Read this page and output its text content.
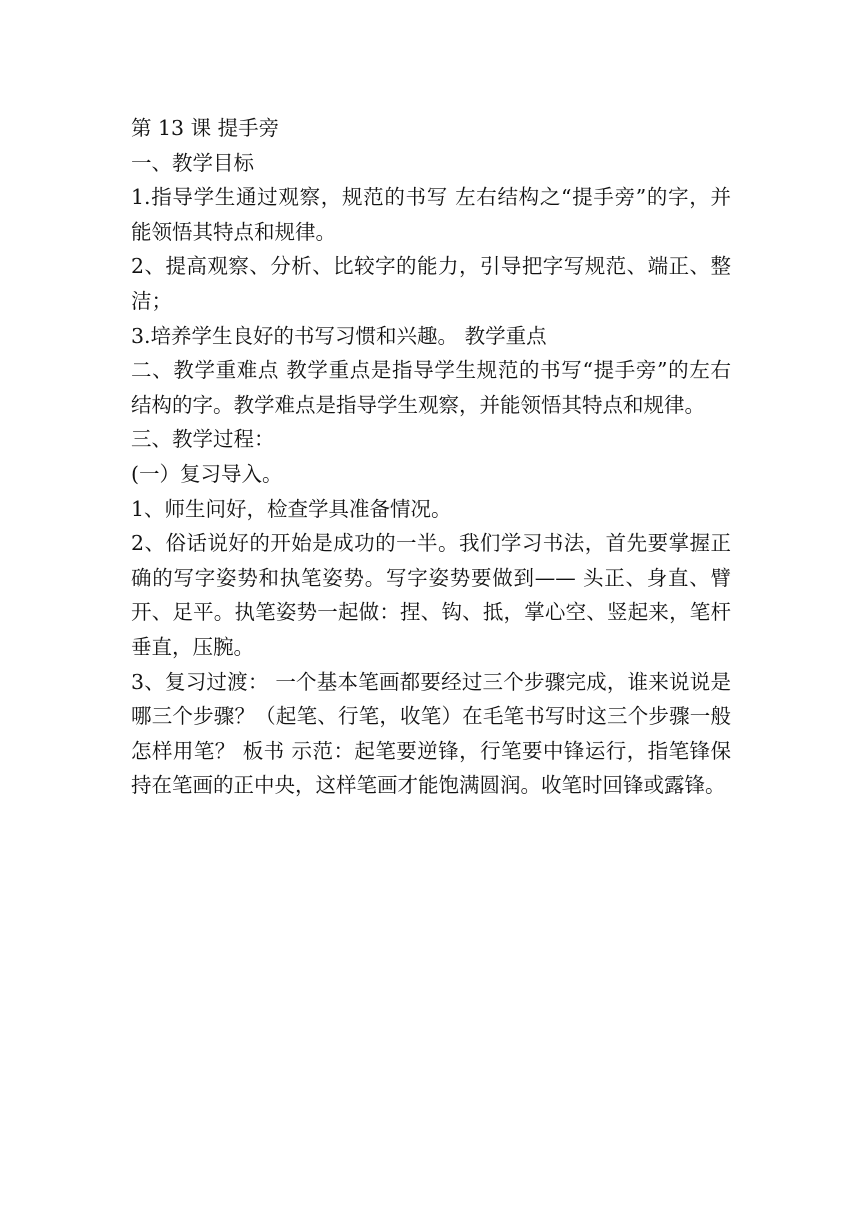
第 13 课 提手旁

一、教学目标

1.指导学生通过观察，规范的书写 左右结构之“提手旁”的字，并能领悟其特点和规律。

2、提高观察、分析、比较字的能力，引导把字写规范、端正、整洁；

3.培养学生良好的书写习惯和兴趣。 教学重点

二、教学重难点 教学重点是指导学生规范的书写“提手旁”的左右结构的字。教学难点是指导学生观察，并能领悟其特点和规律。

三、教学过程：

(一）复习导入。

1、师生问好，检查学具准备情况。

2、俗话说好的开始是成功的一半。我们学习书法，首先要掌握正确的写字姿势和执笔姿势。写字姿势要做到—— 头正、身直、臂开、足平。执笔姿势一起做：捏、钩、抵，掌心空、竖起来，笔杆垂直，压腕。

3、复习过渡： 一个基本笔画都要经过三个步骤完成，谁来说说是哪三个步骤？（起笔、行笔，收笔）在毛笔书写时这三个步骤一般怎样用笔？ 板书 示范：起笔要逆锋，行笔要中锋运行，指笔锋保持在笔画的正中央，这样笔画才能饱满圆润。收笔时回锋或露锋。
